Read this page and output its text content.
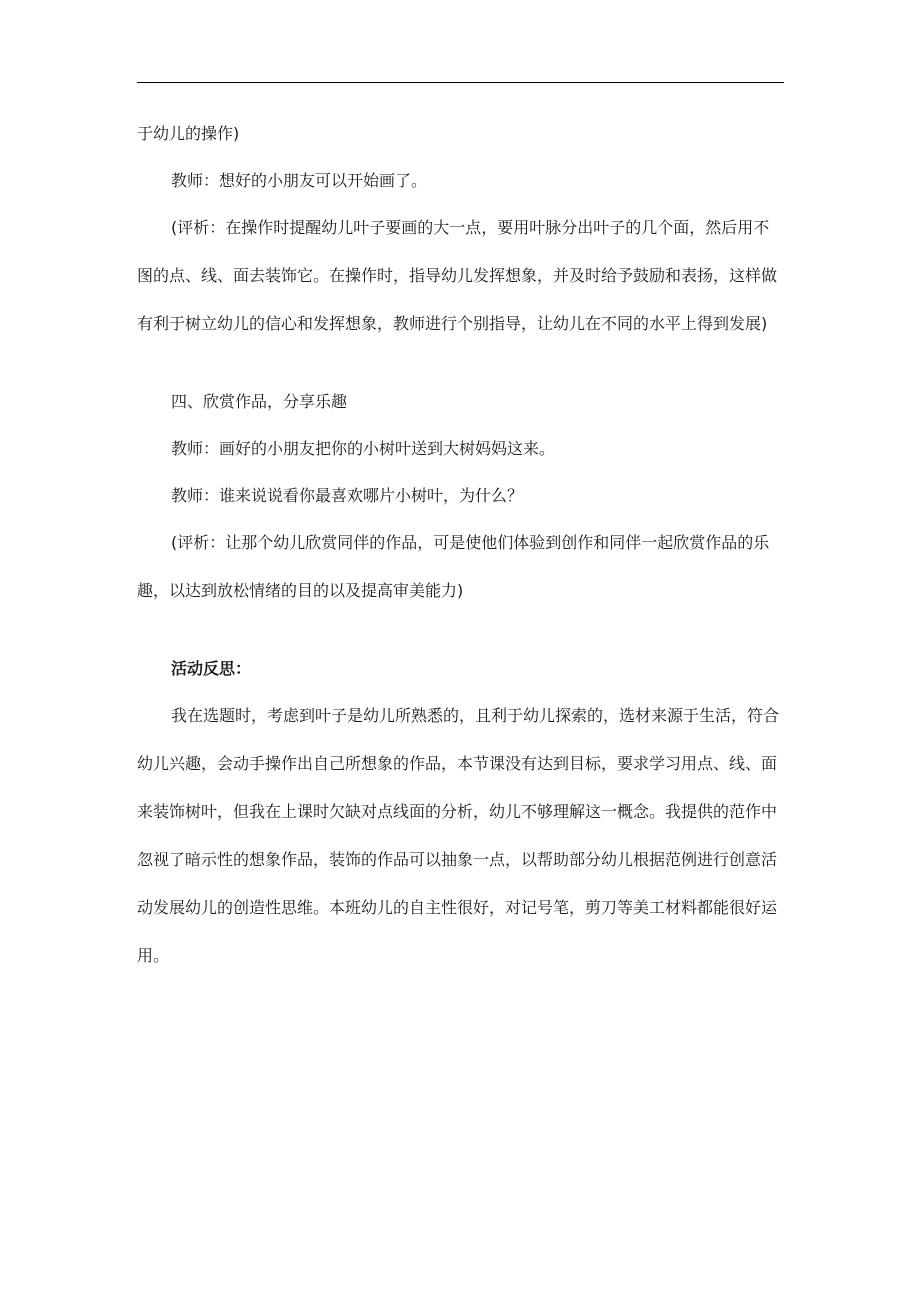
于幼儿的操作)
教师：想好的小朋友可以开始画了。
(评析：在操作时提醒幼儿叶子要画的大一点，要用叶脉分出叶子的几个面，然后用不
图的点、线、面去装饰它。在操作时，指导幼儿发挥想象，并及时给予鼓励和表扬，这样做
有利于树立幼儿的信心和发挥想象，教师进行个别指导，让幼儿在不同的水平上得到发展)
四、欣赏作品，分享乐趣
教师：画好的小朋友把你的小树叶送到大树妈妈这来。
教师：谁来说说看你最喜欢哪片小树叶，为什么？
(评析：让那个幼儿欣赏同伴的作品，可是使他们体验到创作和同伴一起欣赏作品的乐
趣，以达到放松情绪的目的以及提高审美能力)
活动反思：
我在选题时，考虑到叶子是幼儿所熟悉的，且利于幼儿探索的，选材来源于生活，符合
幼儿兴趣，会动手操作出自己所想象的作品，本节课没有达到目标，要求学习用点、线、面
来装饰树叶，但我在上课时欠缺对点线面的分析，幼儿不够理解这一概念。我提供的范作中
忽视了暗示性的想象作品，装饰的作品可以抽象一点，以帮助部分幼儿根据范例进行创意活
动发展幼儿的创造性思维。本班幼儿的自主性很好，对记号笔，剪刀等美工材料都能很好运
用。
